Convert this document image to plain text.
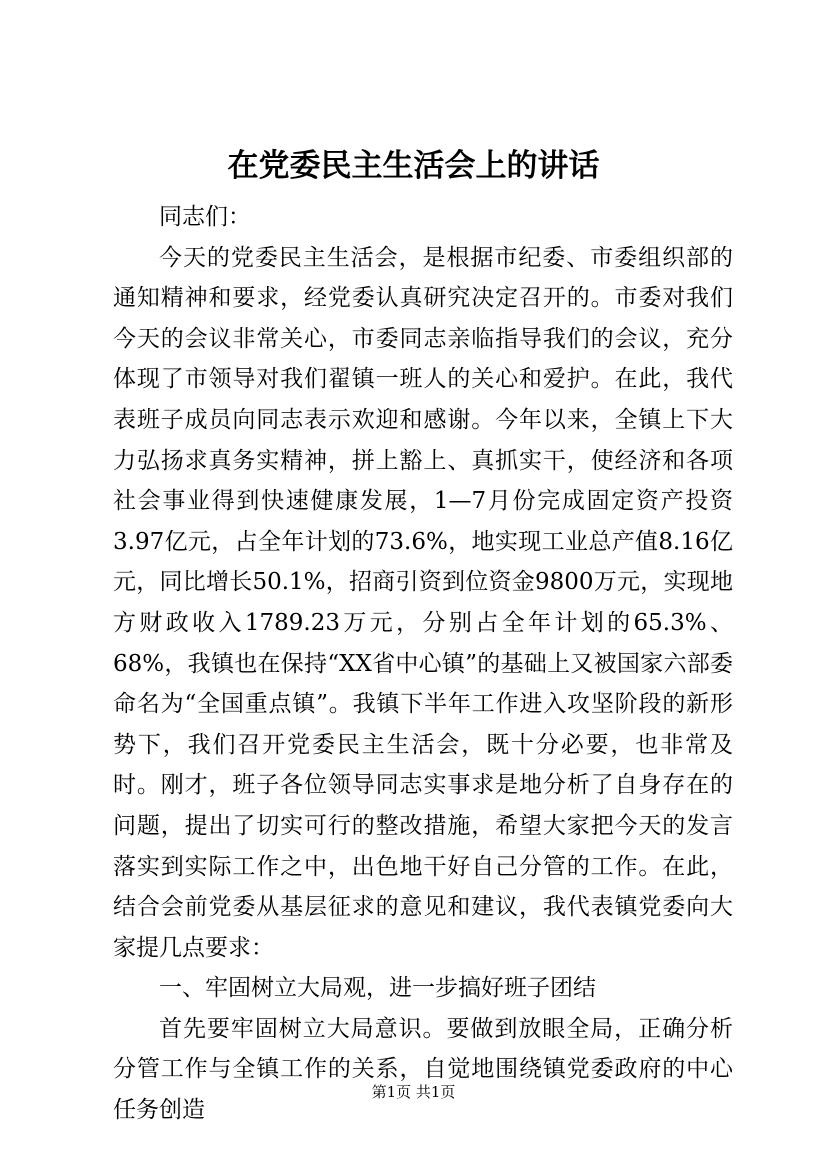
在党委民主生活会上的讲话

同志们：

今天的党委民主生活会，是根据市纪委、市委组织部的通知精神和要求，经党委认真研究决定召开的。市委对我们今天的会议非常关心，市委同志亲临指导我们的会议，充分体现了市领导对我们翟镇一班人的关心和爱护。在此，我代表班子成员向同志表示欢迎和感谢。今年以来，全镇上下大力弘扬求真务实精神，拼上豁上、真抓实干，使经济和各项社会事业得到快速健康发展，1—7月份完成固定资产投资3.97亿元，占全年计划的73.6%，地实现工业总产值8.16亿元，同比增长50.1%，招商引资到位资金9800万元，实现地方财政收入1789.23万元，分别占全年计划的65.3%、68%，我镇也在保持“XX省中心镇”的基础上又被国家六部委命名为“全国重点镇”。我镇下半年工作进入攻坚阶段的新形势下，我们召开党委民主生活会，既十分必要，也非常及时。刚才，班子各位领导同志实事求是地分析了自身存在的问题，提出了切实可行的整改措施，希望大家把今天的发言落实到实际工作之中，出色地干好自己分管的工作。在此，结合会前党委从基层征求的意见和建议，我代表镇党委向大家提几点要求：

一、牢固树立大局观，进一步搞好班子团结

首先要牢固树立大局意识。要做到放眼全局，正确分析分管工作与全镇工作的关系，自觉地围绕镇党委政府的中心任务创造

第1页 共1页
